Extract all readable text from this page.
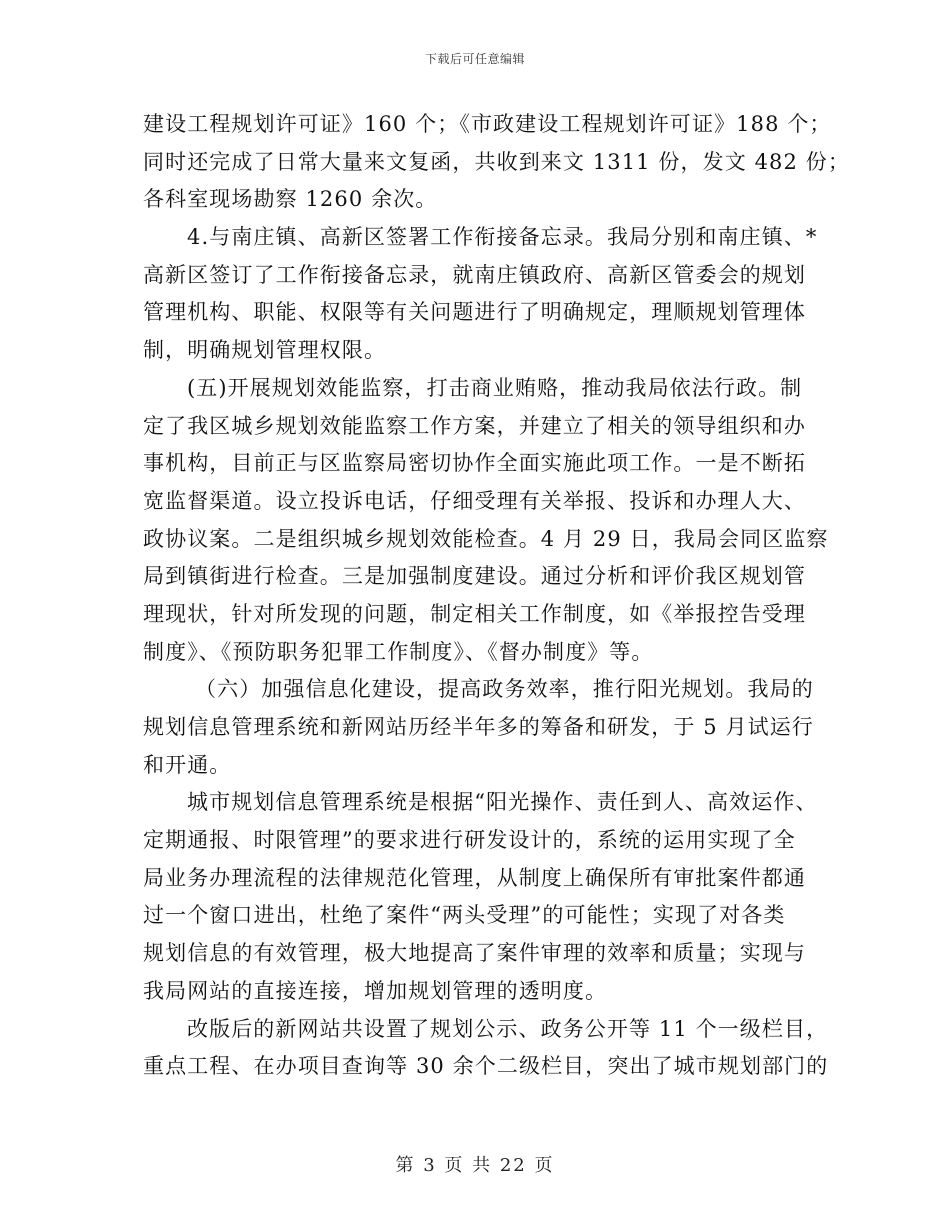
下载后可任意编辑
建设工程规划许可证》160 个；《市政建设工程规划许可证》188 个；
同时还完成了日常大量来文复函，共收到来文 1311 份，发文 482 份；
各科室现场勘察 1260 余次。
4.与南庄镇、高新区签署工作衔接备忘录。我局分别和南庄镇、*
高新区签订了工作衔接备忘录，就南庄镇政府、高新区管委会的规划
管理机构、职能、权限等有关问题进行了明确规定，理顺规划管理体
制，明确规划管理权限。
(五)开展规划效能监察，打击商业贿赂，推动我局依法行政。制
定了我区城乡规划效能监察工作方案，并建立了相关的领导组织和办
事机构，目前正与区监察局密切协作全面实施此项工作。一是不断拓
宽监督渠道。设立投诉电话，仔细受理有关举报、投诉和办理人大、
政协议案。二是组织城乡规划效能检查。4 月 29 日，我局会同区监察
局到镇街进行检查。三是加强制度建设。通过分析和评价我区规划管
理现状，针对所发现的问题，制定相关工作制度，如《举报控告受理
制度》、《预防职务犯罪工作制度》、《督办制度》等。
（六）加强信息化建设，提高政务效率，推行阳光规划。我局的
规划信息管理系统和新网站历经半年多的筹备和研发，于 5 月试运行
和开通。
城市规划信息管理系统是根据“阳光操作、责任到人、高效运作、
定期通报、时限管理”的要求进行研发设计的，系统的运用实现了全
局业务办理流程的法律规范化管理，从制度上确保所有审批案件都通
过一个窗口进出，杜绝了案件“两头受理”的可能性；实现了对各类
规划信息的有效管理，极大地提高了案件审理的效率和质量；实现与
我局网站的直接连接，增加规划管理的透明度。
改版后的新网站共设置了规划公示、政务公开等 11 个一级栏目，
重点工程、在办项目查询等 30 余个二级栏目，突出了城市规划部门的
第 3 页 共 22 页
